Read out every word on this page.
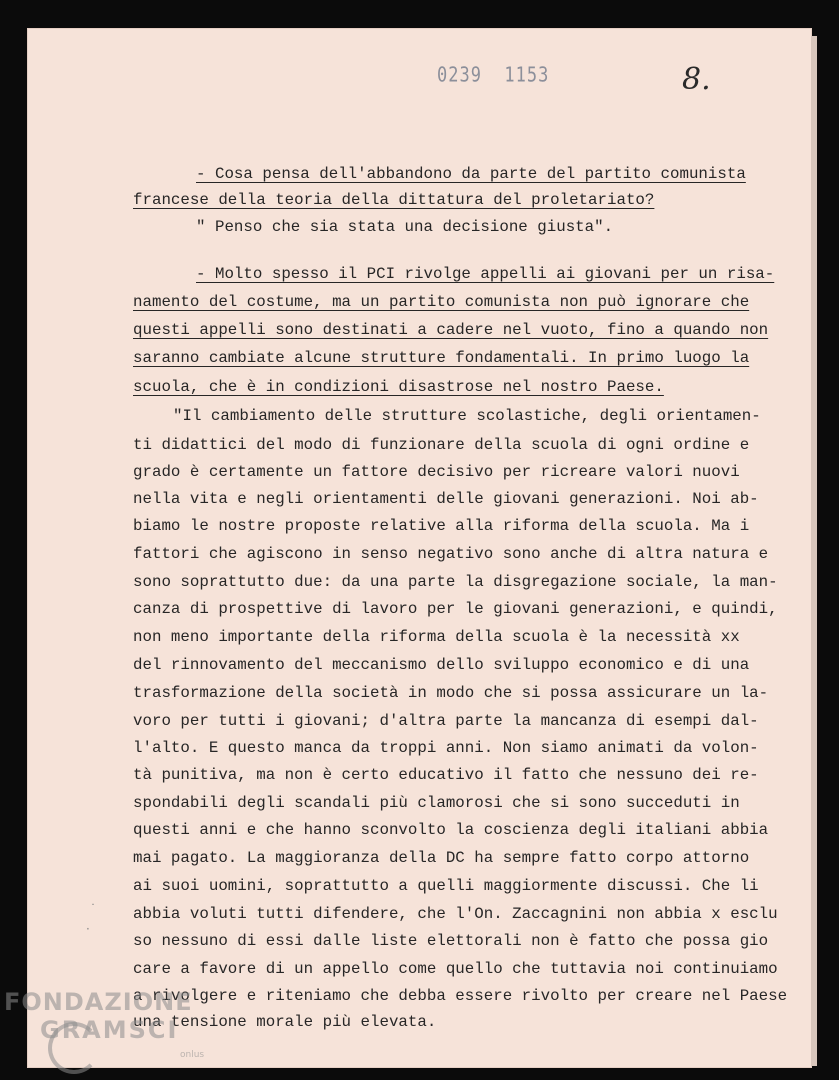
0239  1153	8.
- Cosa pensa dell'abbandono da parte del partito comunista
francese della teoria della dittatura del proletariato?
" Penso che sia stata una decisione giusta".
- Molto spesso il PCI rivolge appelli ai giovani per un risa-
namento del costume, ma un partito comunista non può ignorare che
questi appelli sono destinati a cadere nel vuoto, fino a quando non
saranno cambiate alcune strutture fondamentali. In primo luogo la
scuola, che è in condizioni disastrose nel nostro Paese.
"Il cambiamento delle strutture scolastiche, degli orientamen-
ti didattici del modo di funzionare della scuola di ogni ordine e
grado è certamente un fattore decisivo per ricreare valori nuovi
nella vita e negli orientamenti delle giovani generazioni. Noi ab-
biamo le nostre proposte relative alla riforma della scuola. Ma i
fattori che agiscono in senso negativo sono anche di altra natura e
sono soprattutto due: da una parte la disgregazione sociale, la man-
canza di prospettive di lavoro per le giovani generazioni, e quindi,
non meno importante della riforma della scuola è la necessità xx
del rinnovamento del meccanismo dello sviluppo economico e di una
trasformazione della società in modo che si possa assicurare un la-
voro per tutti i giovani; d'altra parte la mancanza di esempi dal-
l'alto. E questo manca da troppi anni. Non siamo animati da volon-
tà punitiva, ma non è certo educativo il fatto che nessuno dei re-
spondabili degli scandali più clamorosi che si sono succeduti in
questi anni e che hanno sconvolto la coscienza degli italiani abbia
mai pagato. La maggioranza della DC ha sempre fatto corpo attorno
ai suoi uomini, soprattutto a quelli maggiormente discussi. Che li
abbia voluti tutti difendere, che l'On. Zaccagnini non abbia x esclu
so nessuno di essi dalle liste elettorali non è fatto che possa gio
care a favore di un appello come quello che tuttavia noi continuiamo
a rivolgere e riteniamo che debba essere rivolto per creare nel Paese
una tensione morale più elevata.
˙
·
FONDAZIONE
GRAMSCI
onlus
